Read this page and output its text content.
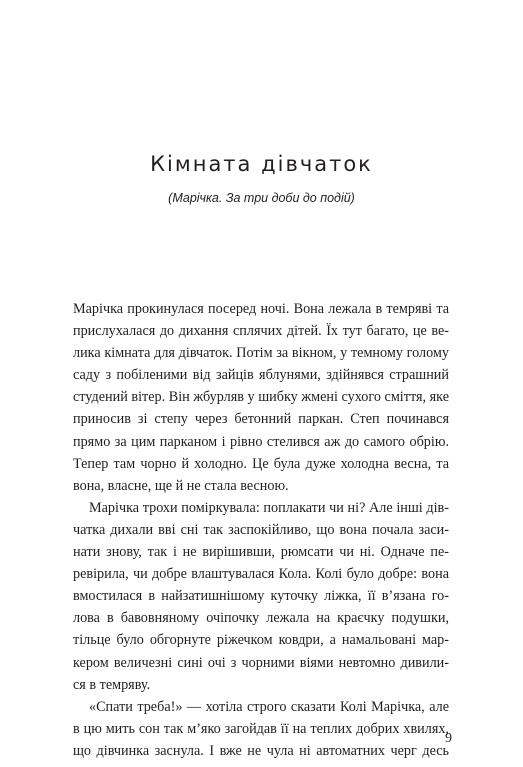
Кімната дівчаток

(Марічка. За три доби до подій)

Марічка прокинулася посеред ночі. Вона лежала в темряві та
прислухалася до дихання сплячих дітей. Їх тут багато, це ве-
лика кімната для дівчаток. Потім за вікном, у темному голому
саду з побіленими від зайців яблунями, здійнявся страшний
студений вітер. Він жбурляв у шибку жмені сухого сміття, яке
приносив зі степу через бетонний паркан. Степ починався
прямо за цим парканом і рівно стелився аж до самого обрію.
Тепер там чорно й холодно. Це була дуже холодна весна, та
вона, власне, ще й не стала весною.
Марічка трохи поміркувала: поплакати чи ні? Але інші дів-
чатка дихали вві сні так заспокійливо, що вона почала заси-
нати знову, так і не вирішивши, рюмсати чи ні. Одначе пе-
ревірила, чи добре влаштувалася Кола. Колі було добре: вона
вмостилася в найзатишнішому куточку ліжка, її в’язана го-
лова в бавовняному очіпочку лежала на краєчку подушки,
тільце було обгорнуте ріжечком ковдри, а намальовані мар-
кером величезні сині очі з чорними віями невтомно дивили-
ся в темряву.
«Спати треба!» — хотіла строго сказати Колі Марічка, але
в цю мить сон так м’яко загойдав її на теплих добрих хвилях,
що дівчинка заснула. І вже не чула ні автоматних черг десь
9
